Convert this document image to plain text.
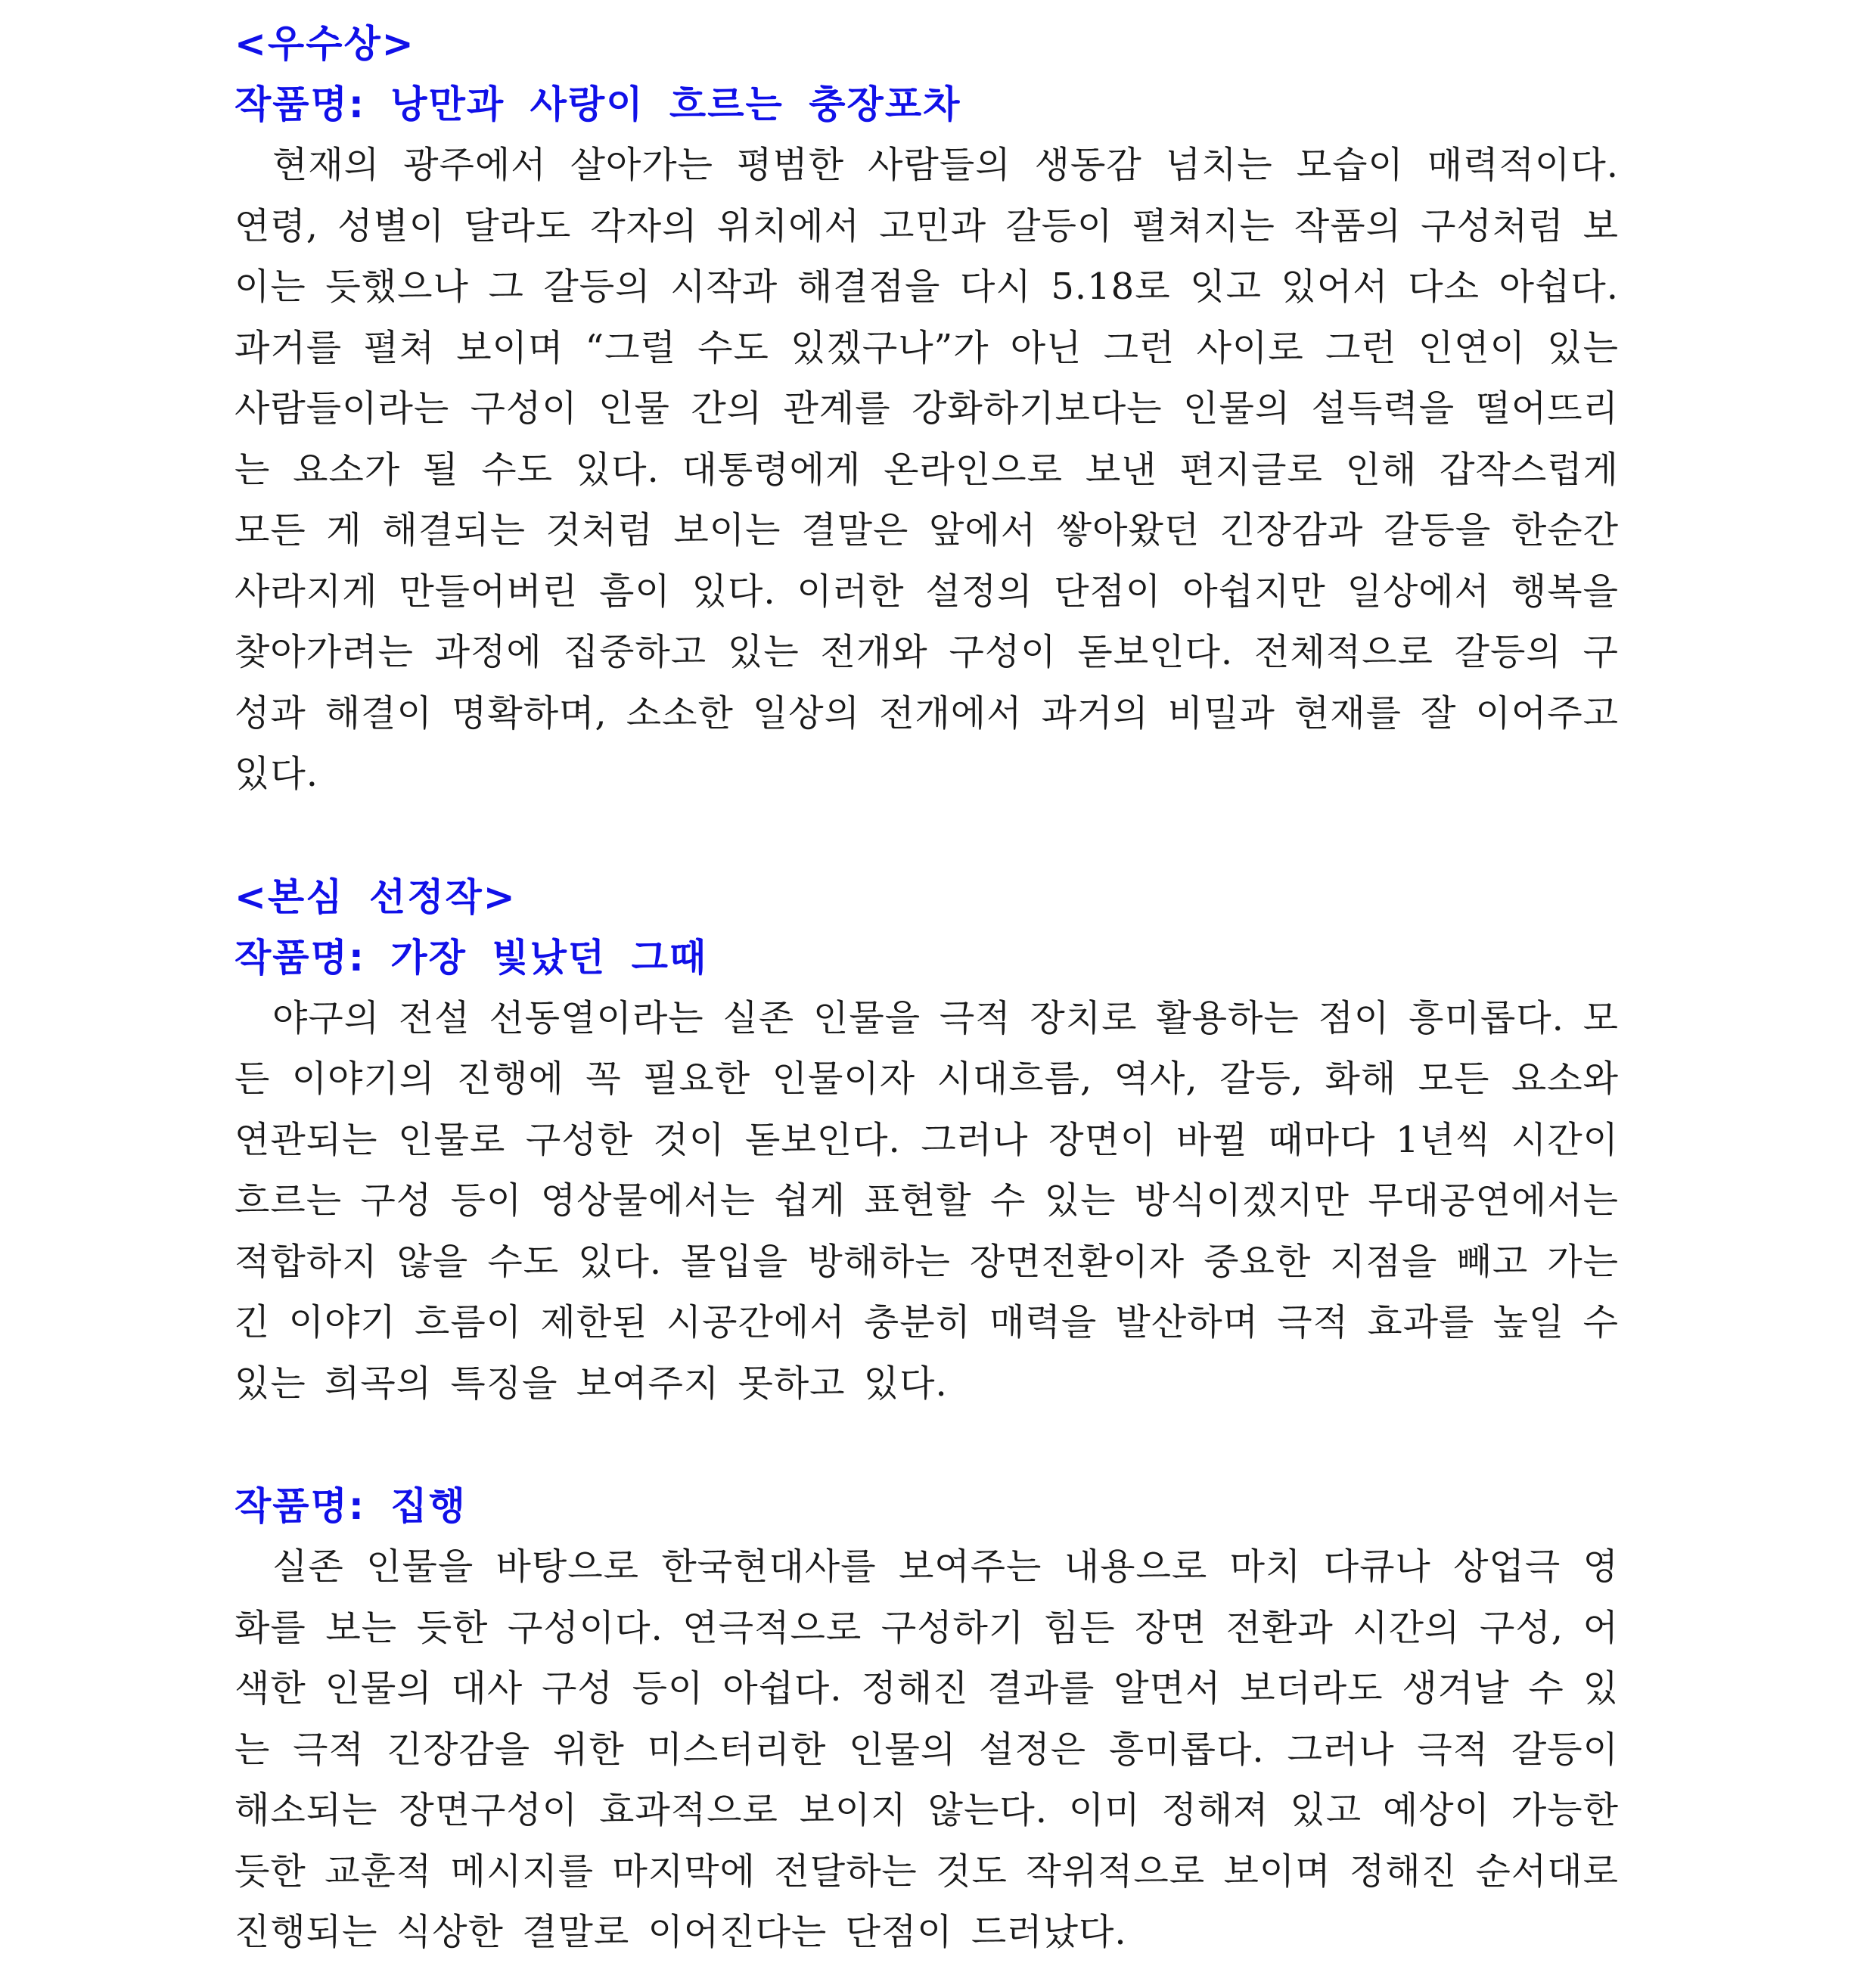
<우수상>
작품명: 낭만과 사랑이 흐르는 충장포차

현재의 광주에서 살아가는 평범한 사람들의 생동감 넘치는 모습이 매력적이다. 연령, 성별이 달라도 각자의 위치에서 고민과 갈등이 펼쳐지는 작품의 구성처럼 보이는 듯했으나 그 갈등의 시작과 해결점을 다시 5.18로 잇고 있어서 다소 아쉽다. 과거를 펼쳐 보이며 “그럴 수도 있겠구나”가 아닌 그런 사이로 그런 인연이 있는 사람들이라는 구성이 인물 간의 관계를 강화하기보다는 인물의 설득력을 떨어뜨리는 요소가 될 수도 있다. 대통령에게 온라인으로 보낸 편지글로 인해 갑작스럽게 모든 게 해결되는 것처럼 보이는 결말은 앞에서 쌓아왔던 긴장감과 갈등을 한순간 사라지게 만들어버린 흠이 있다. 이러한 설정의 단점이 아쉽지만 일상에서 행복을 찾아가려는 과정에 집중하고 있는 전개와 구성이 돋보인다. 전체적으로 갈등의 구성과 해결이 명확하며, 소소한 일상의 전개에서 과거의 비밀과 현재를 잘 이어주고 있다.

<본심 선정작>
작품명: 가장 빛났던 그때

야구의 전설 선동열이라는 실존 인물을 극적 장치로 활용하는 점이 흥미롭다. 모든 이야기의 진행에 꼭 필요한 인물이자 시대흐름, 역사, 갈등, 화해 모든 요소와 연관되는 인물로 구성한 것이 돋보인다. 그러나 장면이 바뀔 때마다 1년씩 시간이 흐르는 구성 등이 영상물에서는 쉽게 표현할 수 있는 방식이겠지만 무대공연에서는 적합하지 않을 수도 있다. 몰입을 방해하는 장면전환이자 중요한 지점을 빼고 가는 긴 이야기 흐름이 제한된 시공간에서 충분히 매력을 발산하며 극적 효과를 높일 수 있는 희곡의 특징을 보여주지 못하고 있다.

작품명: 집행

실존 인물을 바탕으로 한국현대사를 보여주는 내용으로 마치 다큐나 상업극 영화를 보는 듯한 구성이다. 연극적으로 구성하기 힘든 장면 전환과 시간의 구성, 어색한 인물의 대사 구성 등이 아쉽다. 정해진 결과를 알면서 보더라도 생겨날 수 있는 극적 긴장감을 위한 미스터리한 인물의 설정은 흥미롭다. 그러나 극적 갈등이 해소되는 장면구성이 효과적으로 보이지 않는다. 이미 정해져 있고 예상이 가능한듯한 교훈적 메시지를 마지막에 전달하는 것도 작위적으로 보이며 정해진 순서대로 진행되는 식상한 결말로 이어진다는 단점이 드러났다.
